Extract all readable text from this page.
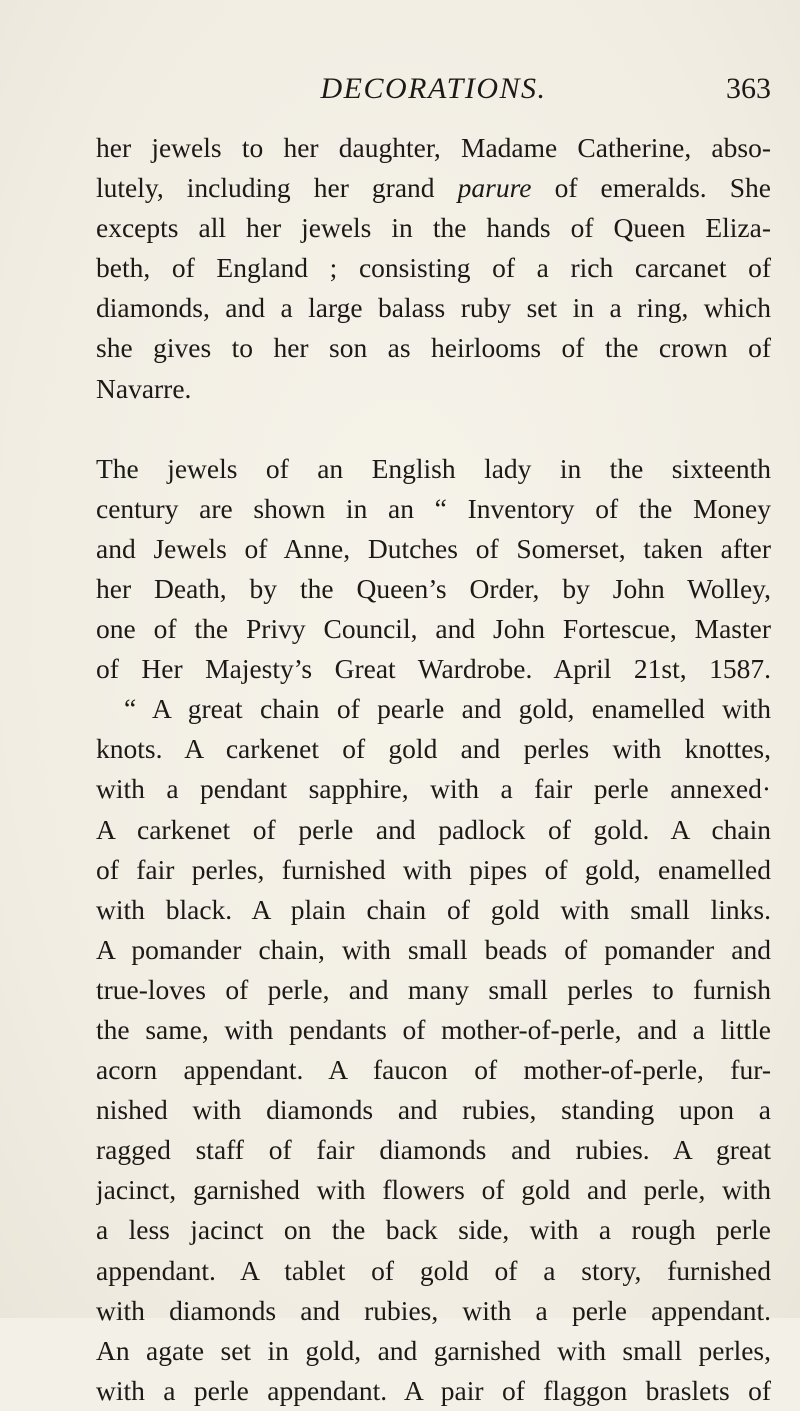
DECORATIONS.	363
her jewels to her daughter, Madame Catherine, abso-
lutely, including her grand parure of emeralds. She
excepts all her jewels in the hands of Queen Eliza-
beth, of England ; consisting of a rich carcanet of
diamonds, and a large balass ruby set in a ring, which
she gives to her son as heirlooms of the crown of
Navarre.
The jewels of an English lady in the sixteenth
century are shown in an “ Inventory of the Money
and Jewels of Anne, Dutches of Somerset, taken after
her Death, by the Queen’s Order, by John Wolley,
one of the Privy Council, and John Fortescue, Master
of Her Majesty’s Great Wardrobe. April 21st, 1587.
“ A great chain of pearle and gold, enamelled with
knots. A carkenet of gold and perles with knottes,
with a pendant sapphire, with a fair perle annexed·
A carkenet of perle and padlock of gold. A chain
of fair perles, furnished with pipes of gold, enamelled
with black. A plain chain of gold with small links.
A pomander chain, with small beads of pomander and
true-loves of perle, and many small perles to furnish
the same, with pendants of mother-of-perle, and a little
acorn appendant. A faucon of mother-of-perle, fur-
nished with diamonds and rubies, standing upon a
ragged staff of fair diamonds and rubies. A great
jacinct, garnished with flowers of gold and perle, with
a less jacinct on the back side, with a rough perle
appendant. A tablet of gold of a story, furnished
with diamonds and rubies, with a perle appendant.
An agate set in gold, and garnished with small perles,
with a perle appendant. A pair of flaggon braslets of
